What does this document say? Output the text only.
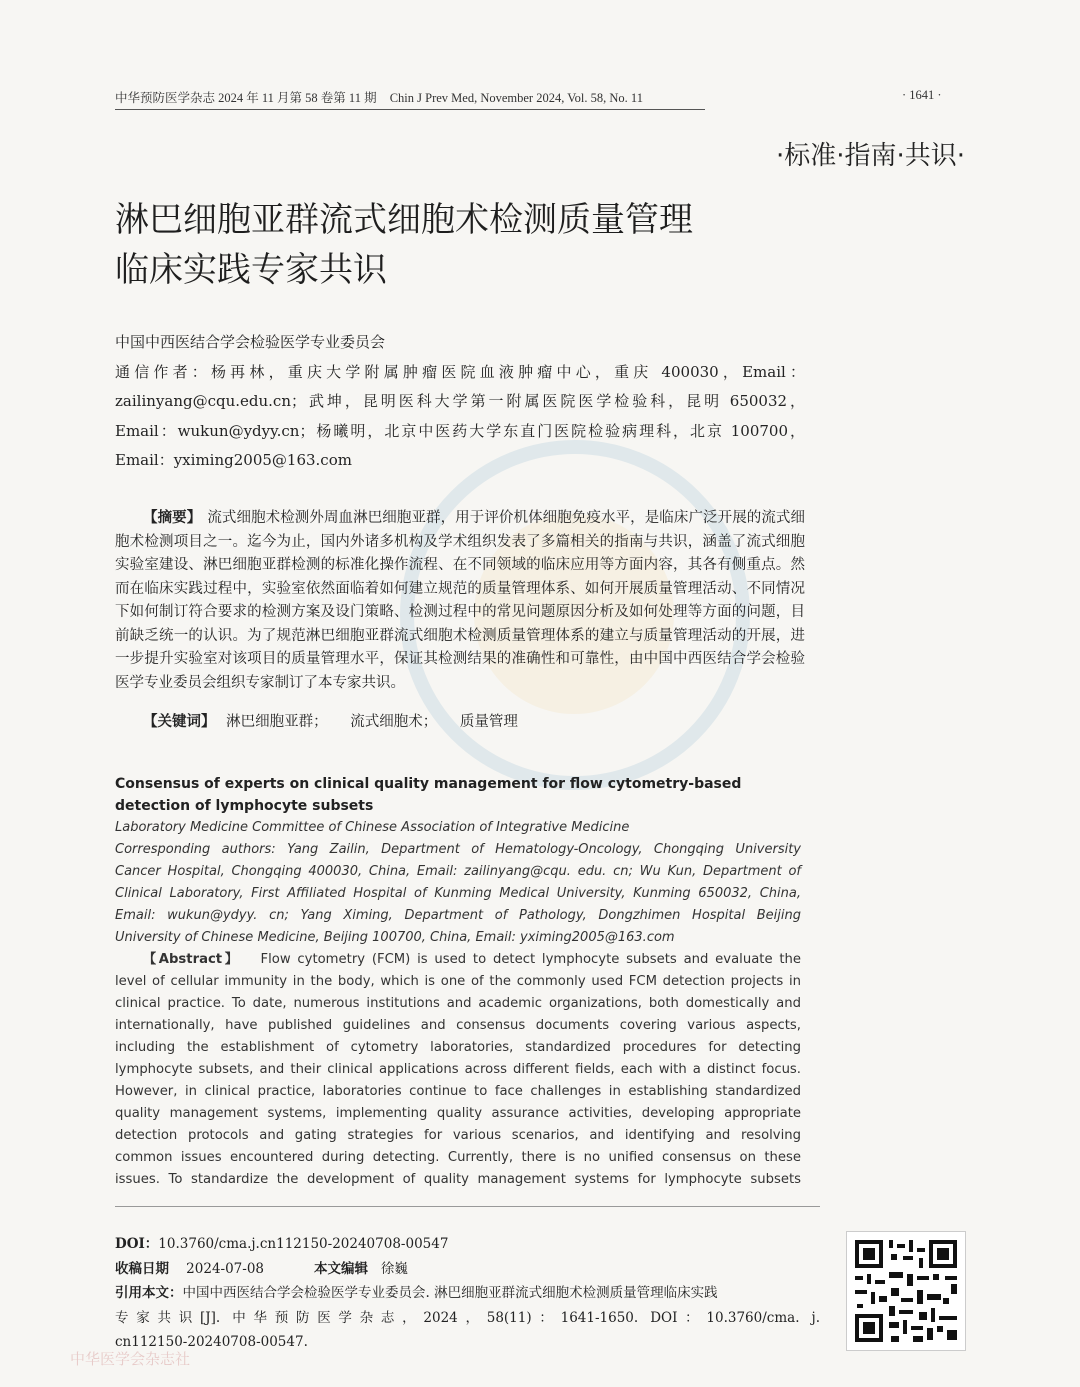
中华预防医学杂志 2024 年 11 月第 58 卷第 11 期 Chin J Prev Med, November 2024, Vol. 58, No. 11	· 1641 ·
·标准·指南·共识·
淋巴细胞亚群流式细胞术检测质量管理
临床实践专家共识
中国中西医结合学会检验医学专业委员会
通信作者：杨再林，重庆大学附属肿瘤医院血液肿瘤中心，重庆 400030，Email：
zailinyang@cqu.edu.cn；武坤，昆明医科大学第一附属医院医学检验科，昆明 650032，
Email：wukun@ydyy.cn；杨曦明，北京中医药大学东直门医院检验病理科，北京 100700，
Email：yximing2005@163.com
【摘要】 流式细胞术检测外周血淋巴细胞亚群，用于评价机体细胞免疫水平，是临床广泛开展的流式细胞术检测项目之一。迄今为止，国内外诸多机构及学术组织发表了多篇相关的指南与共识，涵盖了流式细胞实验室建设、淋巴细胞亚群检测的标准化操作流程、在不同领域的临床应用等方面内容，其各有侧重点。然而在临床实践过程中，实验室依然面临着如何建立规范的质量管理体系、如何开展质量管理活动、不同情况下如何制订符合要求的检测方案及设门策略、检测过程中的常见问题原因分析及如何处理等方面的问题，目前缺乏统一的认识。为了规范淋巴细胞亚群流式细胞术检测质量管理体系的建立与质量管理活动的开展，进一步提升实验室对该项目的质量管理水平，保证其检测结果的准确性和可靠性，由中国中西医结合学会检验医学专业委员会组织专家制订了本专家共识。
【关键词】 淋巴细胞亚群； 流式细胞术； 质量管理
Consensus of experts on clinical quality management for flow cytometry-based detection of lymphocyte subsets
Laboratory Medicine Committee of Chinese Association of Integrative Medicine
Corresponding authors: Yang Zailin, Department of Hematology-Oncology, Chongqing University
Cancer Hospital, Chongqing 400030, China, Email: zailinyang@cqu. edu. cn; Wu Kun, Department of
Clinical Laboratory, First Affiliated Hospital of Kunming Medical University, Kunming 650032, China,
Email: wukun@ydyy. cn; Yang Ximing, Department of Pathology, Dongzhimen Hospital Beijing
University of Chinese Medicine, Beijing 100700, China, Email: yximing2005@163.com
【Abstract】 Flow cytometry (FCM) is used to detect lymphocyte subsets and evaluate the
level of cellular immunity in the body, which is one of the commonly used FCM detection projects in
clinical practice. To date, numerous institutions and academic organizations, both domestically and
internationally, have published guidelines and consensus documents covering various aspects,
including the establishment of cytometry laboratories, standardized procedures for detecting
lymphocyte subsets, and their clinical applications across different fields, each with a distinct focus.
However, in clinical practice, laboratories continue to face challenges in establishing standardized
quality management systems, implementing quality assurance activities, developing appropriate
detection protocols and gating strategies for various scenarios, and identifying and resolving
common issues encountered during detecting. Currently, there is no unified consensus on these
issues. To standardize the development of quality management systems for lymphocyte subsets
DOI：10.3760/cma.j.cn112150-20240708-00547
收稿日期 2024-07-08	本文编辑 徐巍
引用本文：中国中西医结合学会检验医学专业委员会. 淋巴细胞亚群流式细胞术检测质量管理临床实践
专家共识[J]. 中华预防医学杂志，2024，58(11)：1641-1650. DOI：10.3760/cma. j.
cn112150-20240708-00547.
中华医学会杂志社
